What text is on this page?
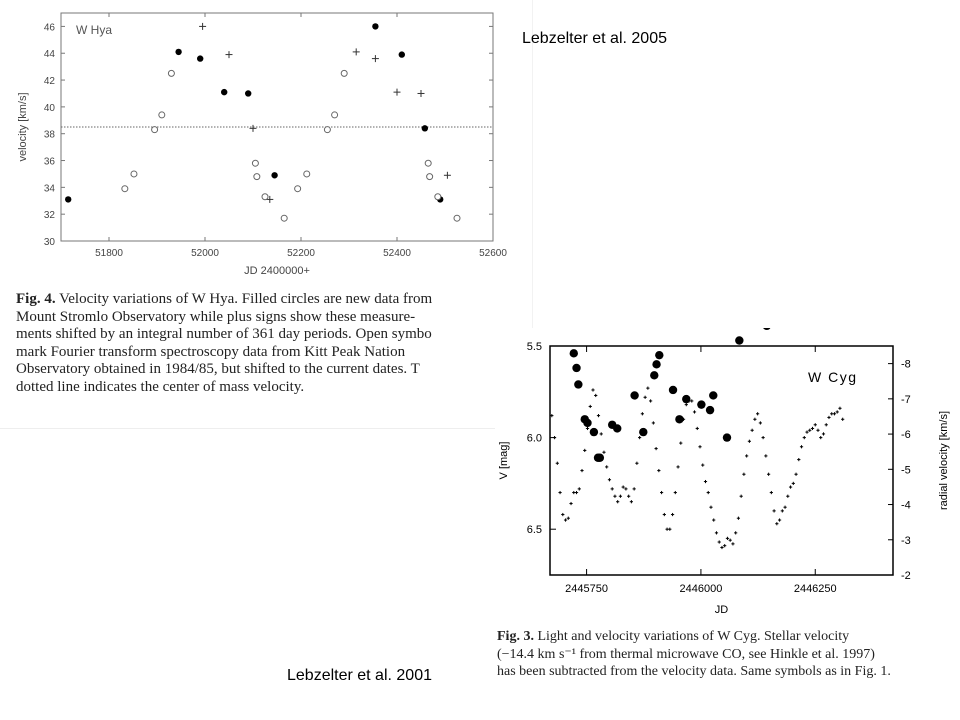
30
32
34
36
38
40
42
44
46
51800	52000	52200	52400	52600
W Hya
JD 2400000+
velocity [km/s]
Fig. 4. Velocity variations of W Hya. Filled circles are new data from
Mount Stromlo Observatory while plus signs show these measure-
ments shifted by an integral number of 361 day periods. Open symbo
mark Fourier transform spectroscopy data from Kitt Peak Nation
Observatory obtained in 1984/85, but shifted to the current dates. T
dotted line indicates the center of mass velocity.
5.5
6.0
6.5
-8
-7
-6
-5
-4
-3
-2
2445750	2446000	2446250
W Cyg
JD
V [mag]	radial velocity [km/s]
Fig. 3. Light and velocity variations of W Cyg. Stellar velocity
(−14.4 km s⁻¹ from thermal microwave CO, see Hinkle et al. 1997)
has been subtracted from the velocity data. Same symbols as in Fig. 1.
Lebzelter et al. 2005
Lebzelter et al. 2001
